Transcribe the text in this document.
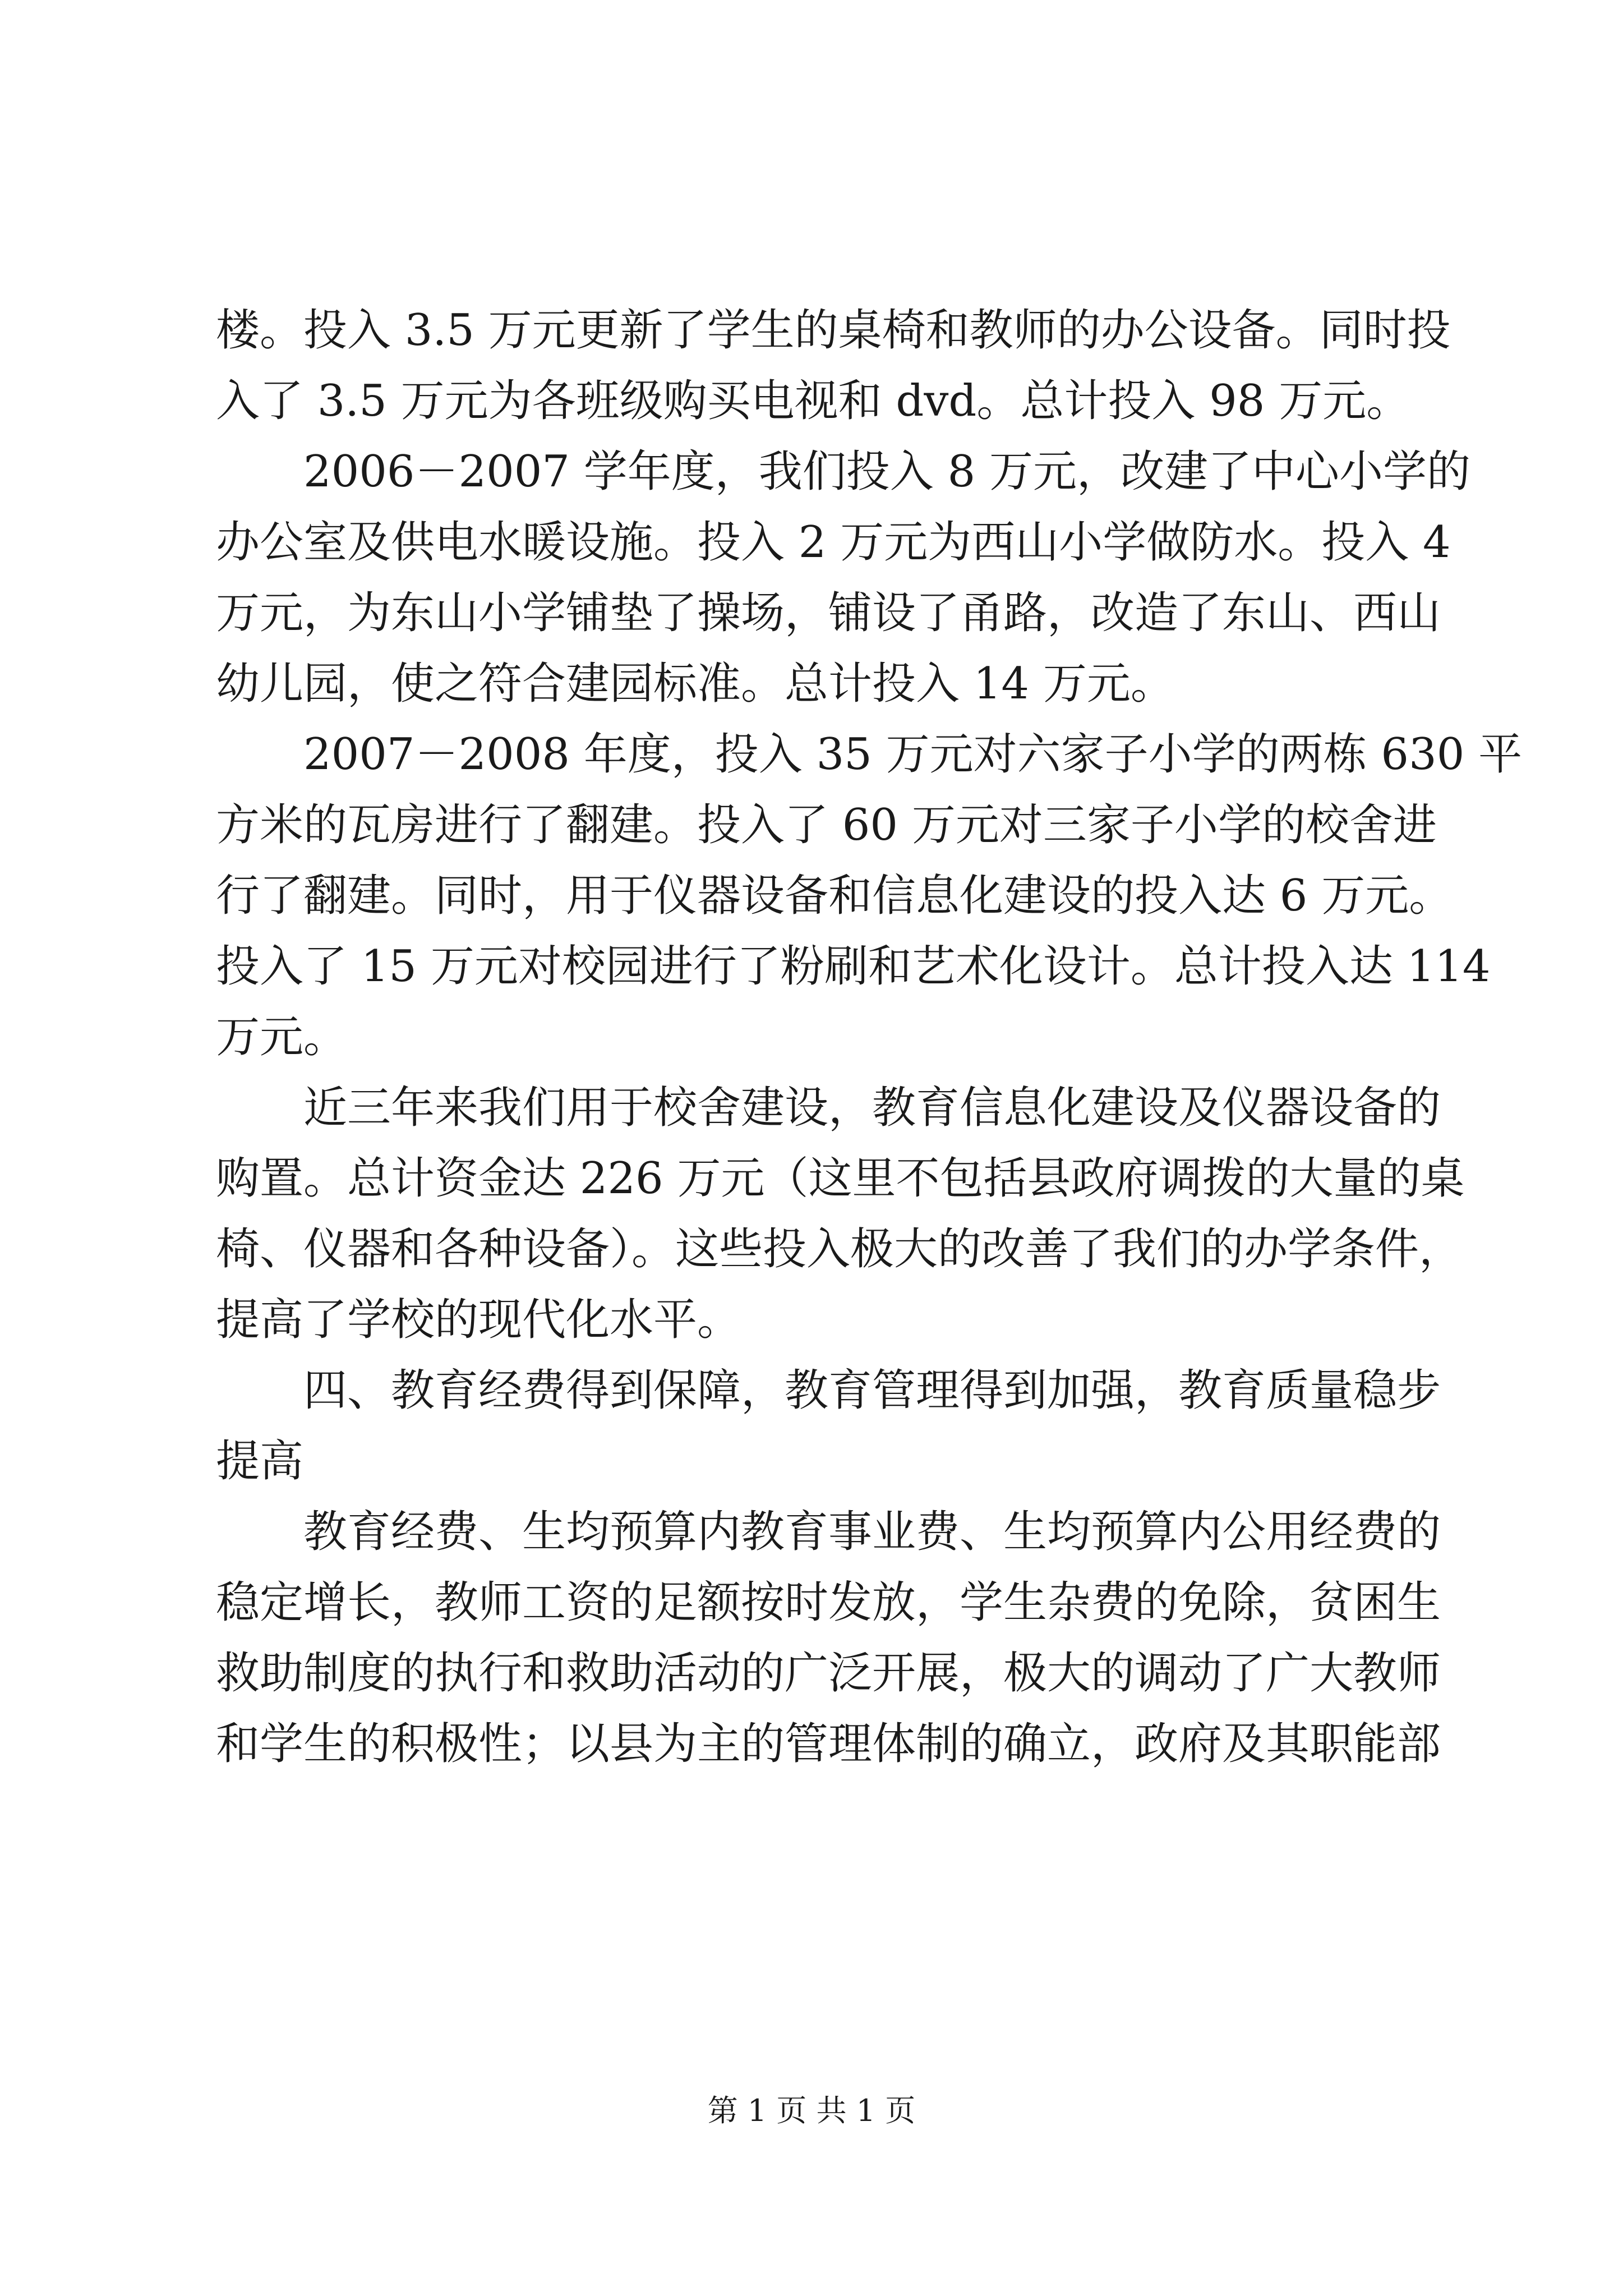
楼。投入 3.5 万元更新了学生的桌椅和教师的办公设备。同时投
入了 3.5 万元为各班级购买电视和 dvd。总计投入 98 万元。
2006－2007 学年度，我们投入 8 万元，改建了中心小学的
办公室及供电水暖设施。投入 2 万元为西山小学做防水。投入 4
万元，为东山小学铺垫了操场，铺设了甬路，改造了东山、西山
幼儿园，使之符合建园标准。总计投入 14 万元。
2007－2008 年度，投入 35 万元对六家子小学的两栋 630 平
方米的瓦房进行了翻建。投入了 60 万元对三家子小学的校舍进
行了翻建。同时，用于仪器设备和信息化建设的投入达 6 万元。
投入了 15 万元对校园进行了粉刷和艺术化设计。总计投入达 114
万元。
近三年来我们用于校舍建设，教育信息化建设及仪器设备的
购置。总计资金达 226 万元（这里不包括县政府调拨的大量的桌
椅、仪器和各种设备）。这些投入极大的改善了我们的办学条件，
提高了学校的现代化水平。
四、教育经费得到保障，教育管理得到加强，教育质量稳步
提高
教育经费、生均预算内教育事业费、生均预算内公用经费的
稳定增长，教师工资的足额按时发放，学生杂费的免除，贫困生
救助制度的执行和救助活动的广泛开展，极大的调动了广大教师
和学生的积极性；以县为主的管理体制的确立，政府及其职能部
第 1 页 共 1 页
